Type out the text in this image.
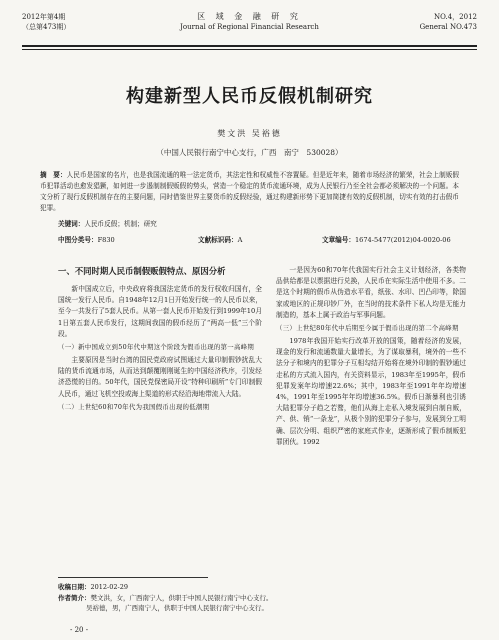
2012年第4期
（总第473期）
区 域 金 融 研 究
Journal of Regional Financial Research
NO.4，2012
General NO.473
构建新型人民币反假机制研究
樊文洪 吴裕德
（中国人民银行南宁中心支行，广西　南宁　530028）
摘　要：人民币是国家的名片，也是我国流通的唯一法定货币，其法定性和权威性不容置疑。但是近年来，随着市场经济的繁荣，社会上制贩假币犯罪活动也愈发猖獗，如何进一步遏制制假贩假的势头，营造一个稳定的货币流通环境，成为人民银行乃至全社会都必须解决的一个问题。本文分析了现行反假机制存在的主要问题，同时借鉴世界主要货币的反假经验，通过构建新形势下更加简捷有效的反假机制，切实有效的打击假币犯罪。
关键词：人民币反假；机制；研究
中图分类号：F830	文献标识码：A	文章编号：1674-5477(2012)04-0020-06
一、不同时期人民币制假贩假特点、原因分析

新中国成立后，中央政府将我国法定货币的发行权收归国有，全国统一发行人民币。自1948年12月1日开始发行统一的人民币以来，至今一共发行了5套人民币。从第一套人民币开始发行到1999年10月1日第五套人民币发行，这期间我国的假币经历了“两高一低”三个阶段。

（一）新中国成立到50年代中期这个阶段为假币出现的第一高峰期

主要原因是当时台湾的国民党政府试图通过大量印制假钞扰乱大陆的货币流通市场，从而达到颠覆刚刚诞生的中国经济秩序，引发经济恐慌的目的。50年代，国民党保密局开设“特种印刷所”专门印制假人民币，通过飞机空投或海上渠道的形式经沿海地带流入大陆。

（二）上世纪60和70年代为我国假币出现的低潮期

一是因为60和70年代我国实行社会主义计划经济，各类物品供给都是以票据进行兑换，人民币在实际生活中使用不多。二是这个时期的假币从伪造水平看，纸张、水印、凹凸印等，除国家或地区的正规印钞厂外，在当时的技术条件下私人均是无能力制造的，基本上属于政治与军事问题。

（三）上世纪80年代中后期至今属于假币出现的第二个高峰期

1978年我国开始实行改革开放的国策，随着经济的发展，现金的发行和流通数量大量增长，为了谋取暴利，境外的一些不法分子和境内的犯罪分子互相勾结开始将在境外印制的假钞通过走私的方式流入国内，有关资料显示，1983年至1995年，假币犯罪发案年均增速22.6%；其中，1983年至1991年年均增速4%，1991年至1995年年均增速36.5%。假币日渐暴利也引诱大陆犯罪分子趋之若鹜，他们从海上走私入境发展到自制自贩，产、供、销“一条龙”，从极个别的犯罪分子参与，发展到分工明确、层次分明、组织严密的家庭式作业，逐渐形成了假币制贩犯罪团伙。1992

收稿日期：2012-02-29
作者简介：樊文洪，女，广西南宁人，供职于中国人民银行南宁中心支行。
吴裕德，男，广西南宁人，供职于中国人民银行南宁中心支行。
- 20 -
